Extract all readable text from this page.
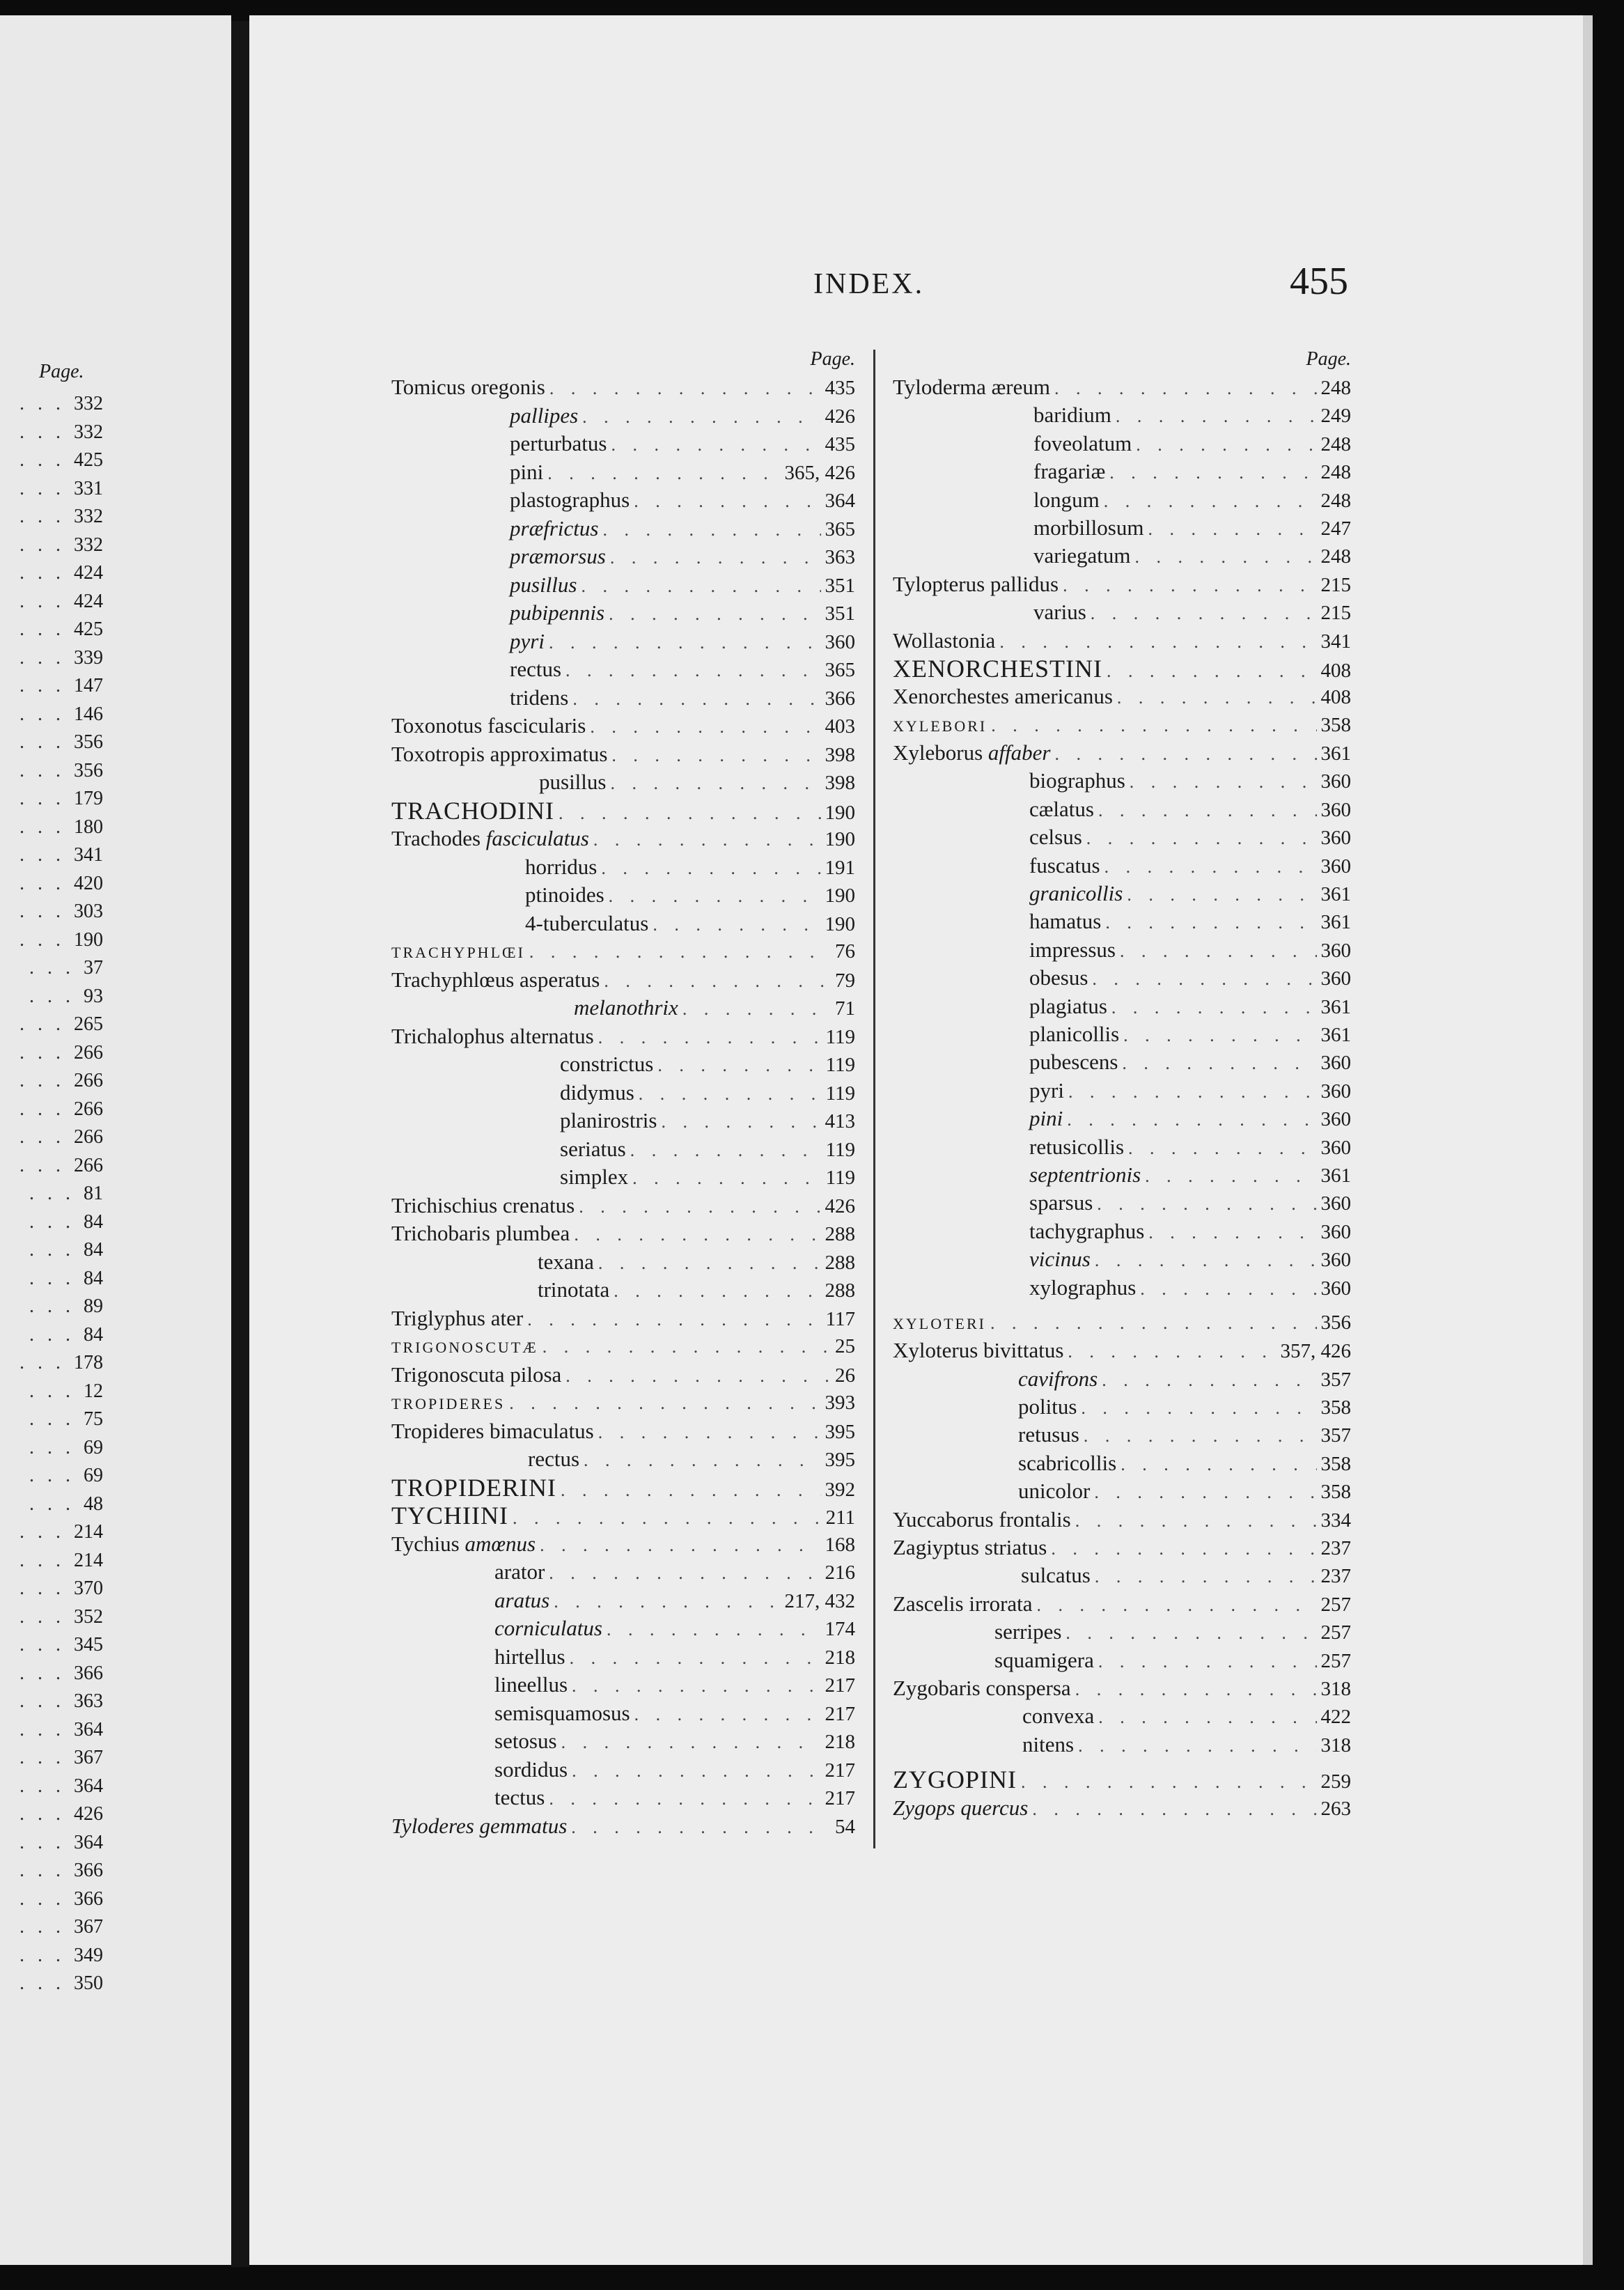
Page.
. . . 332
. . . 332
. . . 425
. . . 331
. . . 332
. . . 332
. . . 424
. . . 424
. . . 425
. . . 339
. . . 147
. . . 146
. . . 356
. . . 356
. . . 179
. . . 180
. . . 341
. . . 420
. . . 303
. . . 190
. . . 37
. . . 93
. . . 265
. . . 266
. . . 266
. . . 266
. . . 266
. . . 266
. . . 81
. . . 84
. . . 84
. . . 84
. . . 89
. . . 84
. . . 178
. . . 12
. . . 75
. . . 69
. . . 69
. . . 48
. . . 214
. . . 214
. . . 370
. . . 352
. . . 345
. . . 366
. . . 363
. . . 364
. . . 367
. . . 364
. . . 426
. . . 364
. . . 366
. . . 366
. . . 367
. . . 349
. . . 350
INDEX.	455
Page.
Tomicus oregonis . . .	435
pallipes . . .	426
perturbatus . . .	435
pini . . .	365, 426
plastographus . . .	364
præfrictus . . .	365
præmorsus . . .	363
pusillus . . .	351
pubipennis . . .	351
pyri . . .	360
rectus . . .	365
tridens . . .	366
Toxonotus fascicularis . . .	403
Toxotropis approximatus . . .	398
pusillus . . .	398
TRACHODINI . . .	190
Trachodes fasciculatus . . .	190
horridus . . .	191
ptinoides . . .	190
4-tuberculatus . . .	190
TRACHYPHLŒI . . .	76
Trachyphlœus asperatus . . .	79
melanothrix . . .	71
Trichalophus alternatus . . .	119
constrictus . . .	119
didymus . . .	119
planirostris . . .	413
seriatus . . .	119
simplex . . .	119
Trichischius crenatus . . .	426
Trichobaris plumbea . . .	288
texana . . .	288
trinotata . . .	288
Triglyphus ater . . .	117
TRIGONOSCUTÆ . . .	25
Trigonoscuta pilosa . . .	26
TROPIDERES . . .	393
Tropideres bimaculatus . . .	395
rectus . . .	395
TROPIDERINI . . .	392
TYCHIINI . . .	211
Tychius amœnus . . .	168
arator . . .	216
aratus . . .	217, 432
corniculatus . . .	174
hirtellus . . .	218
lineellus . . .	217
semisquamosus . . .	217
setosus . . .	218
sordidus . . .	217
tectus . . .	217
Tyloderes gemmatus . . .	54
Page.
Tyloderma æreum . . .	248
baridium . . .	249
foveolatum . . .	248
fragariæ . . .	248
longum . . .	248
morbillosum . . .	247
variegatum . . .	248
Tylopterus pallidus . . .	215
varius . . .	215
Wollastonia . . .	341
XENORCHESTINI . . .	408
Xenorchestes americanus . . .	408
XYLEBORI . . .	358
Xyleborus affaber . . .	361
biographus . . .	360
cælatus . . .	360
celsus . . .	360
fuscatus . . .	360
granicollis . . .	361
hamatus . . .	361
impressus . . .	360
obesus . . .	360
plagiatus . . .	361
planicollis . . .	361
pubescens . . .	360
pyri . . .	360
pini . . .	360
retusicollis . . .	360
septentrionis . . .	361
sparsus . . .	360
tachygraphus . . .	360
vicinus . . .	360
xylographus . . .	360
XYLOTERI . . .	356
Xyloterus bivittatus . . .	357, 426
cavifrons . . .	357
politus . . .	358
retusus . . .	357
scabricollis . . .	358
unicolor . . .	358
Yuccaborus frontalis . . .	334
Zagiyptus striatus . . .	237
sulcatus . . .	237
Zascelis irrorata . . .	257
serripes . . .	257
squamigera . . .	257
Zygobaris conspersa . . .	318
convexa . . .	422
nitens . . .	318
ZYGOPINI . . .	259
Zygops quercus . . .	263
